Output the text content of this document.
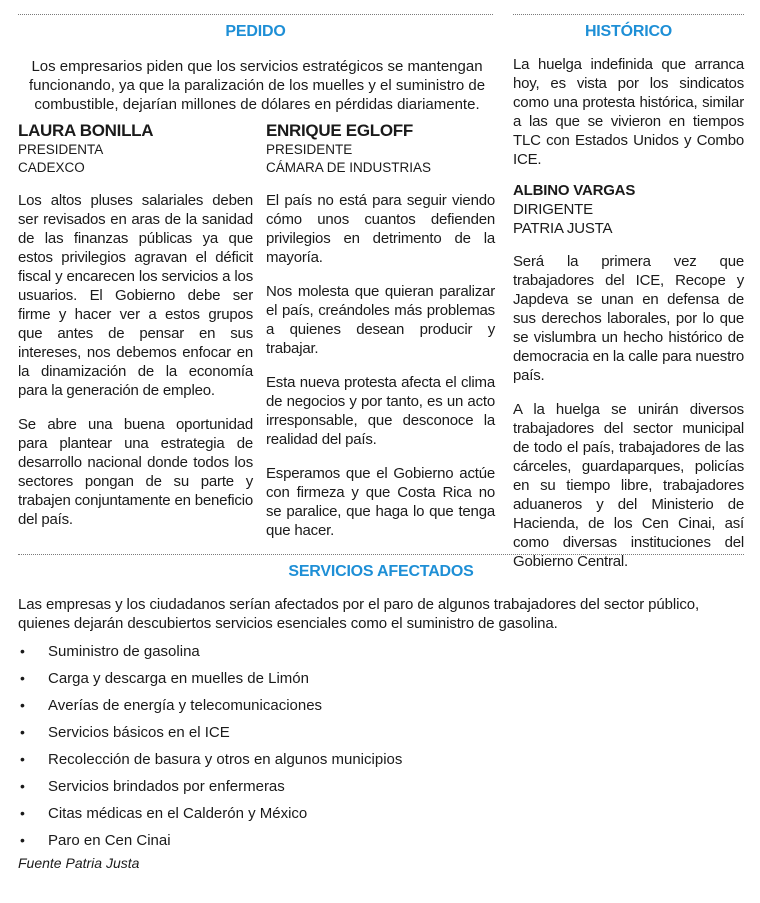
PEDIDO	HISTÓRICO

Los empresarios piden que los servicios estratégicos se mantengan funcionando, ya que la paralización de los muelles y el suministro de combustible, dejarían millones de dólares en pérdidas diariamente.

LAURA BONILLA

PRESIDENTA

CADEXCO

Los altos pluses salariales deben ser revisados en aras de la sanidad de las finanzas públicas ya que estos privilegios agravan el déficit fiscal y encarecen los servicios a los usuarios. El Gobierno debe ser firme y hacer ver a estos grupos que antes de pensar en sus intereses, nos debemos enfocar en la dinamización de la economía para la generación de empleo.

Se abre una buena oportunidad para plantear una estrategia de desarrollo nacional donde todos los sectores pongan de su parte y trabajen conjuntamente en beneficio del país.

ENRIQUE EGLOFF

PRESIDENTE

CÁMARA DE INDUSTRIAS

El país no está para seguir viendo cómo unos cuantos defienden privilegios en detrimento de la mayoría.

Nos molesta que quieran paralizar el país, creándoles más problemas a quienes desean producir y trabajar.

Esta nueva protesta afecta el clima de negocios y por tanto, es un acto irresponsable, que desconoce la realidad del país.

Esperamos que el Gobierno actúe con firmeza y que Costa Rica no se paralice, que haga lo que tenga que hacer.

La huelga indefinida que arranca hoy, es vista por los sindicatos como una protesta histórica, similar a las que se vivieron en tiempos TLC con Estados Unidos y Combo ICE.

ALBINO VARGAS

DIRIGENTE

PATRIA JUSTA

Será la primera vez que trabajadores del ICE, Recope y Japdeva se unan en defensa de sus derechos laborales, por lo que se vislumbra un hecho histórico de democracia en la calle para nuestro país.

A la huelga se unirán diversos trabajadores del sector municipal de todo el país, trabajadores de las cárceles, guardaparques, policías en su tiempo libre, trabajadores aduaneros y del Ministerio de Hacienda, de los Cen Cinai, así como diversas instituciones del Gobierno Central.

SERVICIOS AFECTADOS

Las empresas y los ciudadanos serían afectados por el paro de algunos trabajadores del sector público, quienes dejarán descubiertos servicios esenciales como el suministro de gasolina.

• Suministro de gasolina
• Carga y descarga en muelles de Limón
• Averías de energía y telecomunicaciones
• Servicios básicos en el ICE
• Recolección de basura y otros en algunos municipios
• Servicios brindados por enfermeras
• Citas médicas en el Calderón y México
• Paro en Cen Cinai
Fuente Patria Justa
